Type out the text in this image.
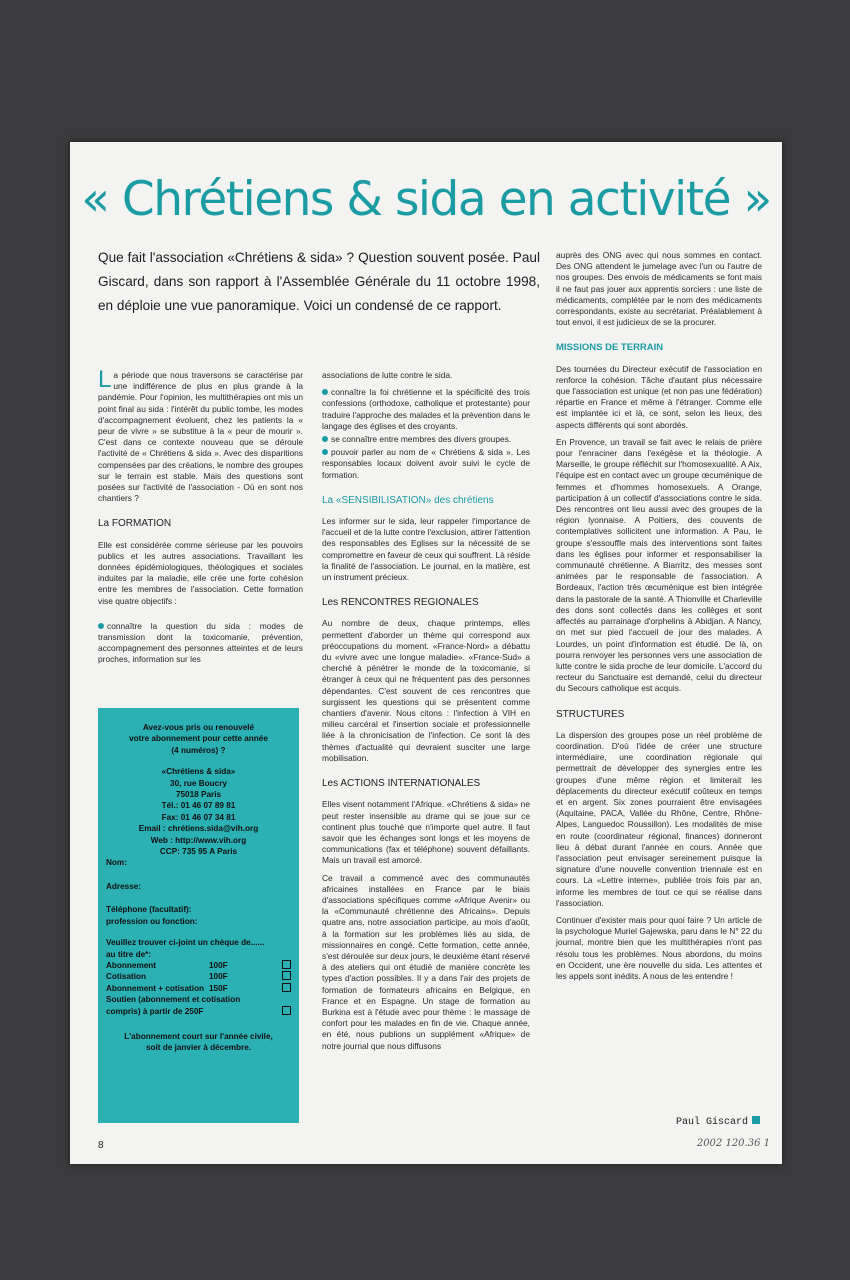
« Chrétiens & sida en activité »
Que fait l'association «Chrétiens & sida» ? Question souvent posée. Paul Giscard, dans son rapport à l'Assemblée Générale du 11 octobre 1998, en déploie une vue panoramique. Voici un condensé de ce rapport.

La période que nous traversons se caractérise par une indifférence de plus en plus grande à la pandémie. Pour l'opinion, les multithérapies ont mis un point final au sida : l'intérêt du public tombe, les modes d'accompagnement évoluent, chez les patients la « peur de vivre » se substitue à la « peur de mourir ». C'est dans ce contexte nouveau que se déroule l'activité de « Chrétiens & sida ». Avec des disparitions compensées par des créations, le nombre des groupes sur le terrain est stable. Mais des questions sont posées sur l'activité de l'association - Où en sont nos chantiers ?

La FORMATION

Elle est considérée comme sérieuse par les pouvoirs publics et les autres associations. Travaillant les données épidémiologiques, théologiques et sociales induites par la maladie, elle crée une forte cohésion entre les membres de l'association. Cette formation vise quatre objectifs :

connaître la question du sida : modes de transmission dont la toxicomanie, prévention, accompagnement des personnes atteintes et de leurs proches, information sur les

Avez-vous pris ou renouvelé
votre abonnement pour cette année
(4 numéros) ?
«Chrétiens & sida»
30, rue Boucry
75018 Paris
Tél.: 01 46 07 89 81
Fax: 01 46 07 34 81
Email : chrétiens.sida@vih.org
Web : http://www.vih.org
CCP: 735 95 A Paris
Nom:
Adresse:
Téléphone (facultatif):
profession ou fonction:
Veuillez trouver ci-joint un chèque de......
au titre de*:
Abonnement	100F
Cotisation	100F
Abonnement + cotisation 150F
Soutien (abonnement et cotisation compris) à partir de 250F
L'abonnement court sur l'année civile,
soit de janvier à décembre.

associations de lutte contre le sida.

connaître la foi chrétienne et la spécificité des trois confessions (orthodoxe, catholique et protestante) pour traduire l'approche des malades et la prévention dans le langage des églises et des croyants.

se connaître entre membres des divers groupes.

pouvoir parler au nom de « Chrétiens & sida ». Les responsables locaux doivent avoir suivi le cycle de formation.

La «SENSIBILISATION» des chrétiens

Les informer sur le sida, leur rappeler l'importance de l'accueil et de la lutte contre l'exclusion, attirer l'attention des responsables des Eglises sur la nécessité de se compromettre en faveur de ceux qui souffrent. Là réside la finalité de l'association. Le journal, en la matière, est un instrument précieux.

Les RENCONTRES REGIONALES

Au nombre de deux, chaque printemps, elles permettent d'aborder un thème qui correspond aux préoccupations du moment. «France-Nord» a débattu du «vivre avec une longue maladie». «France-Sud» a cherché à pénétrer le monde de la toxicomanie, si étranger à ceux qui ne fréquentent pas des personnes dépendantes. C'est souvent de ces rencontres que surgissent les questions qui se présentent comme chantiers d'avenir. Nous citons : l'infection à VIH en milieu carcéral et l'insertion sociale et professionnelle liée à la chronicisation de l'infection. Ce sont là des thèmes d'actualité qui devraient susciter une large mobilisation.

Les ACTIONS INTERNATIONALES

Elles visent notamment l'Afrique. «Chrétiens & sida» ne peut rester insensible au drame qui se joue sur ce continent plus touché que n'importe quel autre. Il faut savoir que les échanges sont longs et les moyens de communications (fax et téléphone) souvent défaillants. Mais un travail est amorcé.

Ce travail a commencé avec des communautés africaines installées en France par le biais d'associations spécifiques comme «Afrique Avenir» ou la «Communauté chrétienne des Africains». Depuis quatre ans, notre association participe, au mois d'août, à la formation sur les problèmes liés au sida, de missionnaires en congé. Cette formation, cette année, s'est déroulée sur deux jours, le deuxième étant réservé à des ateliers qui ont étudié de manière concrète les types d'action possibles. Il y a dans l'air des projets de formation de formateurs africains en Belgique, en France et en Espagne. Un stage de formation au Burkina est à l'étude avec pour thème : le massage de confort pour les malades en fin de vie. Chaque année, en été, nous publions un supplément «Afrique» de notre journal que nous diffusons

auprès des ONG avec qui nous sommes en contact. Des ONG attendent le jumelage avec l'un ou l'autre de nos groupes. Des envois de médicaments se font mais il ne faut pas jouer aux apprentis sorciers : une liste de médicaments, complétée par le nom des médicaments correspondants, existe au secrétariat. Préalablement à tout envoi, il est judicieux de se la procurer.

MISSIONS DE TERRAIN

Des tournées du Directeur exécutif de l'association en renforce la cohésion. Tâche d'autant plus nécessaire que l'association est unique (et non pas une fédération) répartie en France et même à l'étranger. Comme elle est implantée ici et là, ce sont, selon les lieux, des aspects différents qui sont abordés.

En Provence, un travail se fait avec le relais de prière pour l'enraciner dans l'exégèse et la théologie. A Marseille, le groupe réfléchit sur l'homosexualité. A Aix, l'équipe est en contact avec un groupe œcuménique de femmes et d'hommes homosexuels. A Orange, participation à un collectif d'associations contre le sida. Des rencontres ont lieu aussi avec des groupes de la région lyonnaise. A Poitiers, des couvents de contemplatives sollicitent une information. A Pau, le groupe s'essouffle mais des interventions sont faites dans les églises pour informer et responsabiliser la communauté chrétienne. A Biarritz, des messes sont animées par le responsable de l'association. A Bordeaux, l'action très œcuménique est bien intégrée dans la pastorale de la santé. A Thionville et Charleville des dons sont collectés dans les collèges et sont affectés au parrainage d'orphelins à Abidjan. A Nancy, on met sur pied l'accueil de jour des malades. A Lourdes, un point d'information est étudié. De là, on pourra renvoyer les personnes vers une association de lutte contre le sida proche de leur domicile. L'accord du recteur du Sanctuaire est demandé, celui du directeur du Secours catholique est acquis.

STRUCTURES

La dispersion des groupes pose un réel problème de coordination. D'où l'idée de créer une structure intermédiaire, une coordination régionale qui permettrait de développer des synergies entre les groupes d'une même région et limiterait les déplacements du directeur exécutif coûteux en temps et en argent. Six zones pourraient être envisagées (Aquitaine, PACA, Vallée du Rhône, Centre, Rhône-Alpes, Languedoc Roussillon). Les modalités de mise en route (coordinateur régional, finances) donneront lieu à débat durant l'année en cours. Année que l'association peut envisager sereinement puisque la signature d'une nouvelle convention triennale est en cours. La «Lettre interne», publiée trois fois par an, informe les membres de tout ce qui se réalise dans l'association.

Continuer d'exister mais pour quoi faire ? Un article de la psychologue Muriel Gajewska, paru dans le N° 22 du journal, montre bien que les multithérapies n'ont pas résolu tous les problèmes. Nous abordons, du moins en Occident, une ère nouvelle du sida. Les attentes et les appels sont inédits. A nous de les entendre !

Paul Giscard
8	2002 120.36 1
